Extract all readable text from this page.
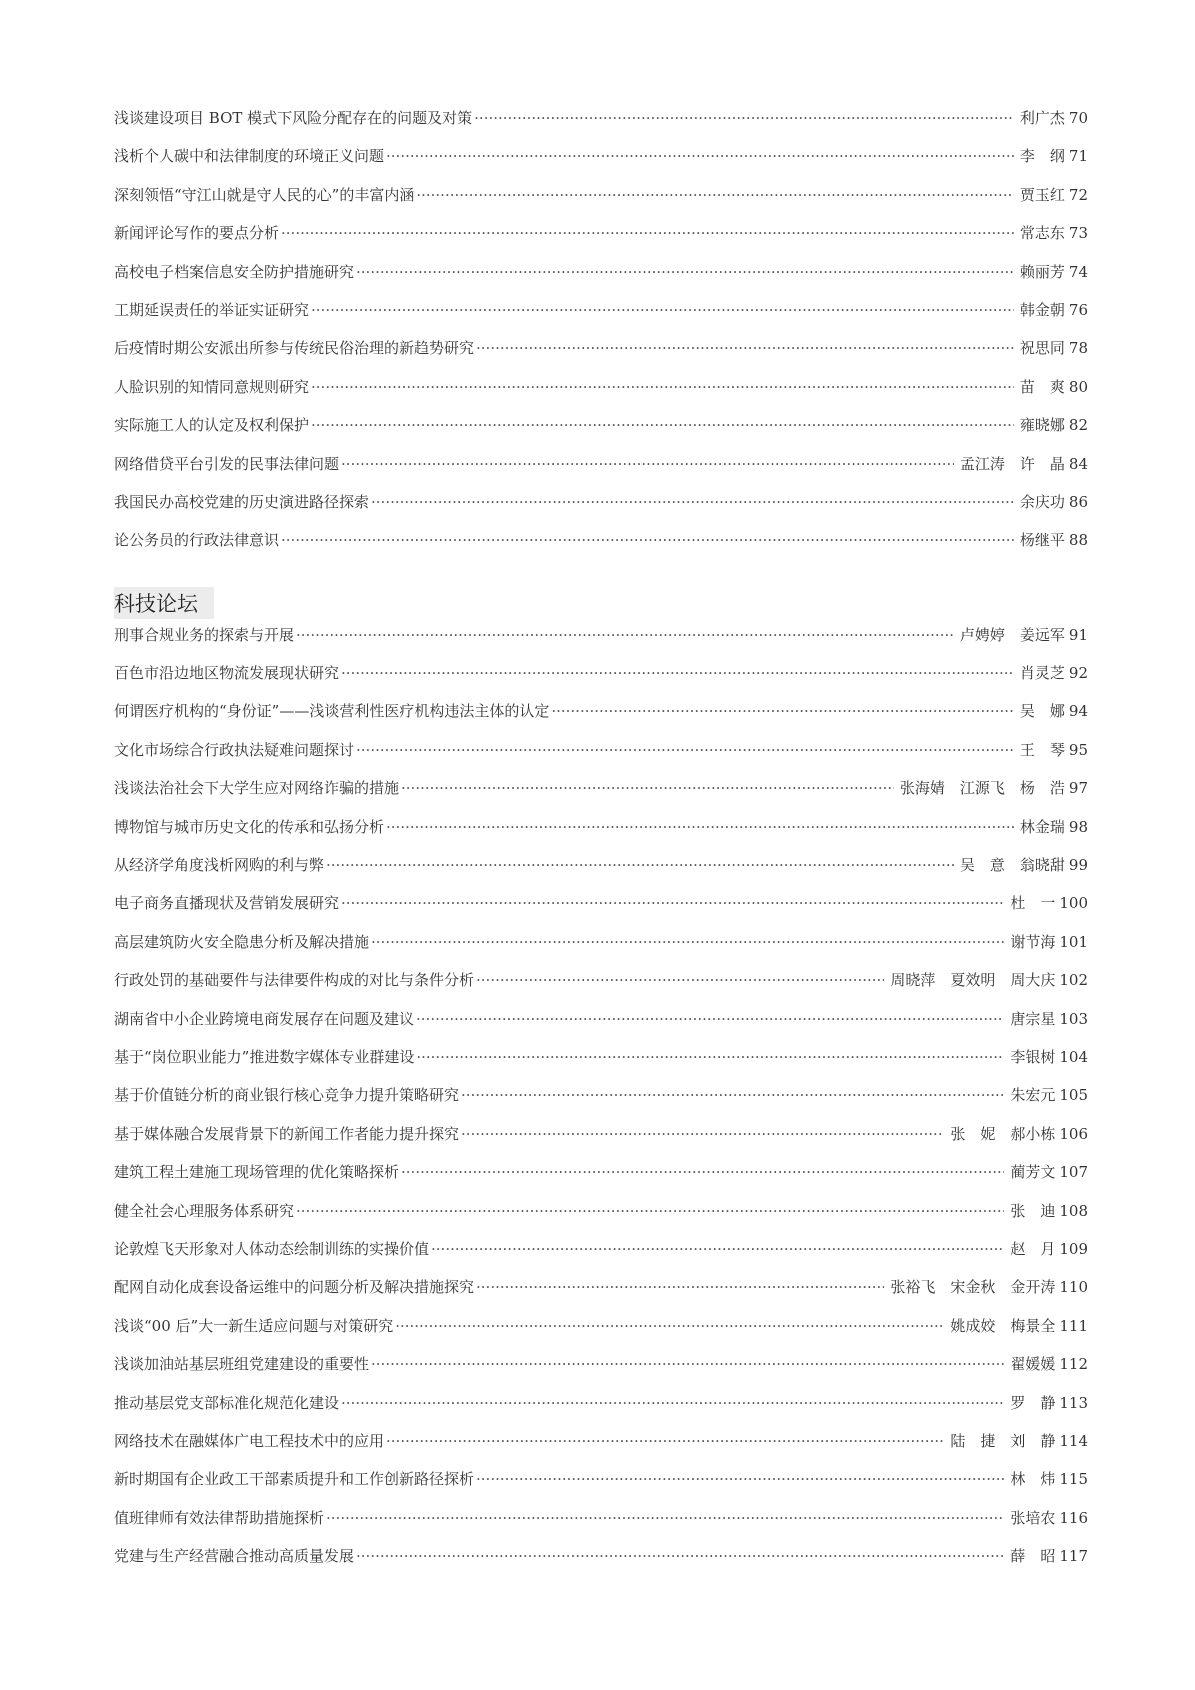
浅谈建设项目 BOT 模式下风险分配存在的问题及对策 ·····	利广杰 70
浅析个人碳中和法律制度的环境正义问题 ·····	李　纲 71
深刻领悟“守江山就是守人民的心”的丰富内涵 ·····	贾玉红 72
新闻评论写作的要点分析 ·····	常志东 73
高校电子档案信息安全防护措施研究 ·····	赖丽芳 74
工期延误责任的举证实证研究 ·····	韩金朝 76
后疫情时期公安派出所参与传统民俗治理的新趋势研究 ·····	祝思同 78
人脸识别的知情同意规则研究 ·····	苗　爽 80
实际施工人的认定及权利保护 ·····	雍晓娜 82
网络借贷平台引发的民事法律问题 ·····	孟江涛　许　晶 84
我国民办高校党建的历史演进路径探索 ·····	余庆功 86
论公务员的行政法律意识 ·····	杨继平 88
科技论坛
刑事合规业务的探索与开展 ·····	卢娉婷　姜远军 91
百色市沿边地区物流发展现状研究 ·····	肖灵芝 92
何谓医疗机构的“身份证”——浅谈营利性医疗机构违法主体的认定 ·····	吴　娜 94
文化市场综合行政执法疑难问题探讨 ·····	王　琴 95
浅谈法治社会下大学生应对网络诈骗的措施 ·····	张海婧　江源飞　杨　浩 97
博物馆与城市历史文化的传承和弘扬分析 ·····	林金瑞 98
从经济学角度浅析网购的利与弊 ·····	吴　意　翁晓甜 99
电子商务直播现状及营销发展研究 ·····	杜　一 100
高层建筑防火安全隐患分析及解决措施 ·····	谢节海 101
行政处罚的基础要件与法律要件构成的对比与条件分析 ·····	周晓萍　夏效明　周大庆 102
湖南省中小企业跨境电商发展存在问题及建议 ·····	唐宗星 103
基于“岗位职业能力”推进数字媒体专业群建设 ·····	李银树 104
基于价值链分析的商业银行核心竞争力提升策略研究 ·····	朱宏元 105
基于媒体融合发展背景下的新闻工作者能力提升探究 ·····	张　妮　郝小栋 106
建筑工程土建施工现场管理的优化策略探析 ·····	蔺芳文 107
健全社会心理服务体系研究 ·····	张　迪 108
论敦煌飞天形象对人体动态绘制训练的实操价值 ·····	赵　月 109
配网自动化成套设备运维中的问题分析及解决措施探究 ·····	张裕飞　宋金秋　金开涛 110
浅谈“00 后”大一新生适应问题与对策研究 ·····	姚成姣　梅景全 111
浅谈加油站基层班组党建建设的重要性 ·····	翟媛媛 112
推动基层党支部标准化规范化建设 ·····	罗　静 113
网络技术在融媒体广电工程技术中的应用 ·····	陆　捷　刘　静 114
新时期国有企业政工干部素质提升和工作创新路径探析 ·····	林　炜 115
值班律师有效法律帮助措施探析 ·····	张培农 116
党建与生产经营融合推动高质量发展 ·····	薛　昭 117
